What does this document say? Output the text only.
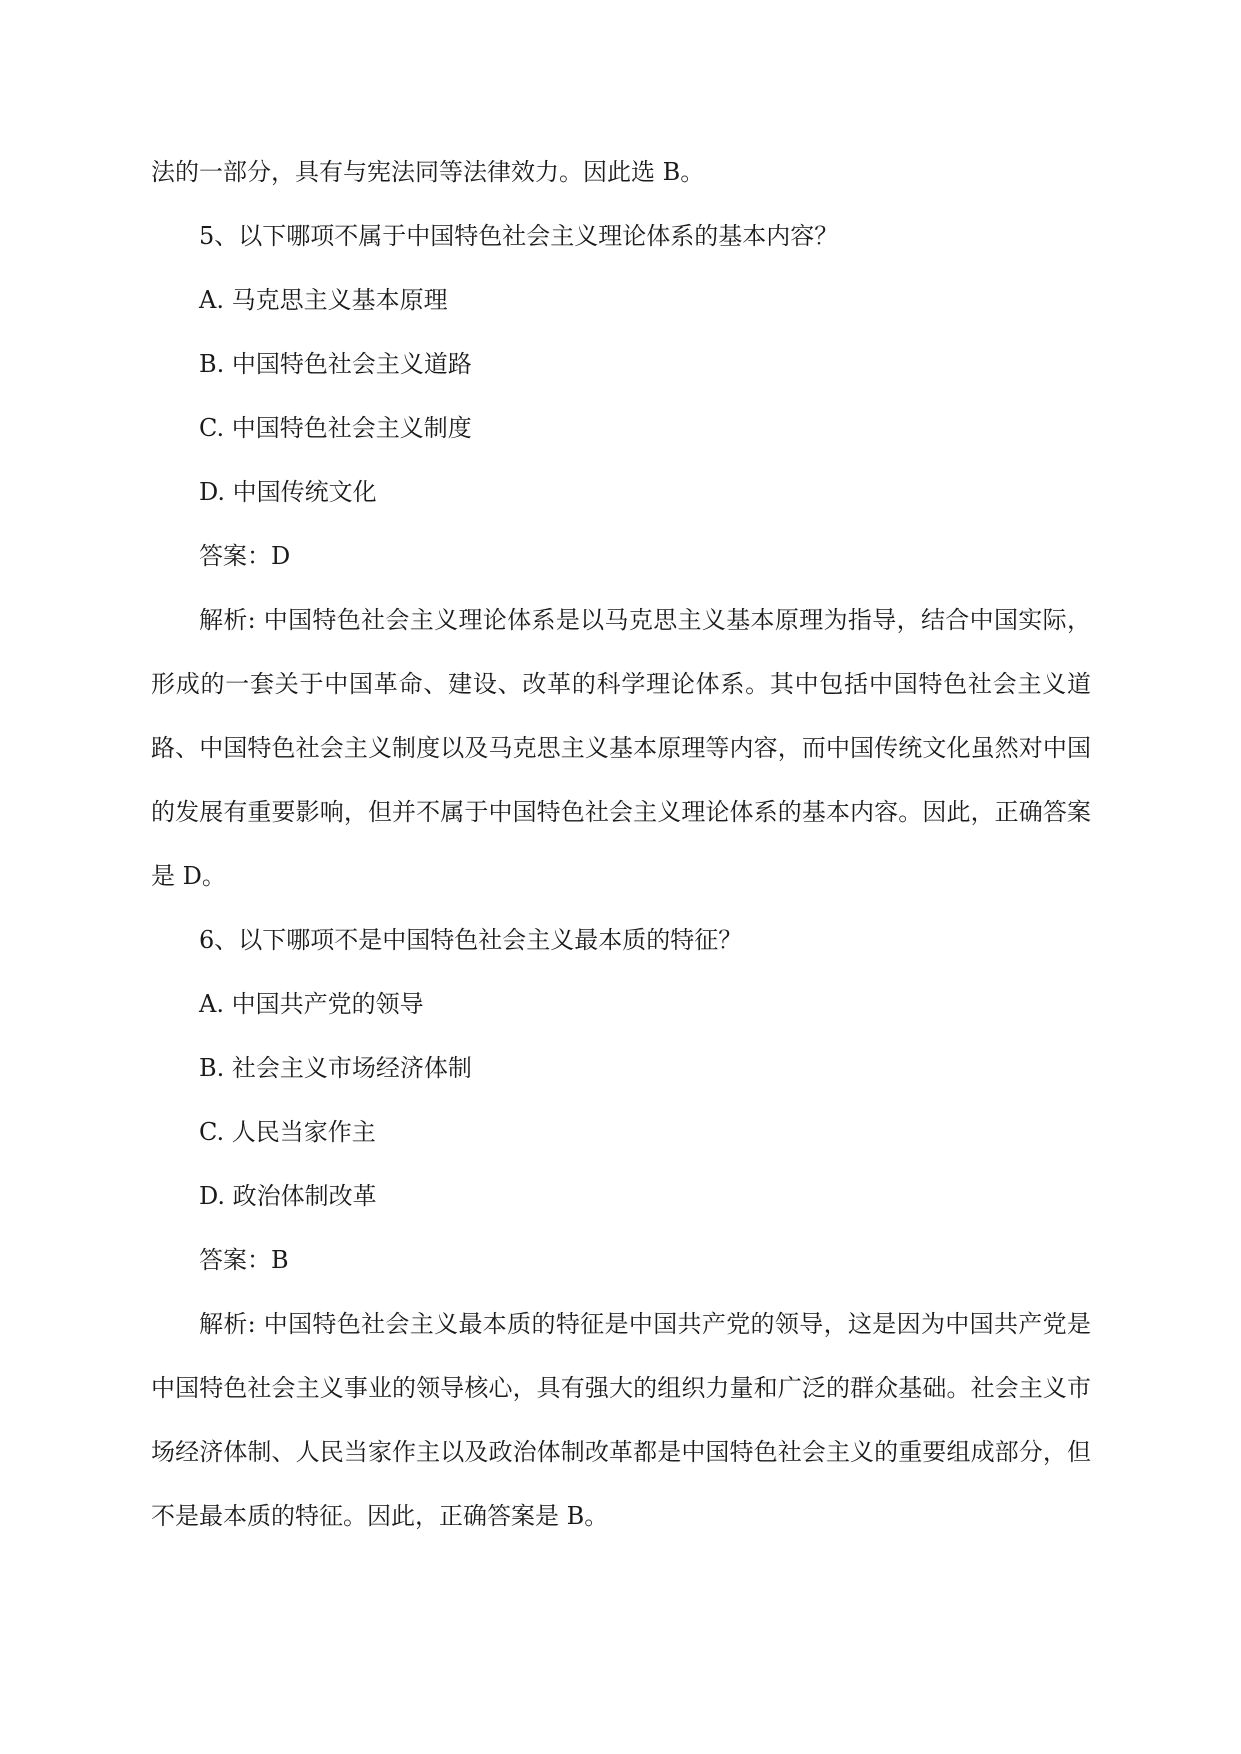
法的一部分，具有与宪法同等法律效力。因此选 B。

5、以下哪项不属于中国特色社会主义理论体系的基本内容？

A. 马克思主义基本原理

B. 中国特色社会主义道路

C. 中国特色社会主义制度

D. 中国传统文化

答案：D

解析: 中国特色社会主义理论体系是以马克思主义基本原理为指导，结合中国实际，形成的一套关于中国革命、建设、改革的科学理论体系。其中包括中国特色社会主义道路、中国特色社会主义制度以及马克思主义基本原理等内容，而中国传统文化虽然对中国的发展有重要影响，但并不属于中国特色社会主义理论体系的基本内容。因此，正确答案是 D。

6、以下哪项不是中国特色社会主义最本质的特征？

A. 中国共产党的领导

B. 社会主义市场经济体制

C. 人民当家作主

D. 政治体制改革

答案：B

解析: 中国特色社会主义最本质的特征是中国共产党的领导，这是因为中国共产党是中国特色社会主义事业的领导核心，具有强大的组织力量和广泛的群众基础。社会主义市场经济体制、人民当家作主以及政治体制改革都是中国特色社会主义的重要组成部分，但不是最本质的特征。因此，正确答案是 B。
